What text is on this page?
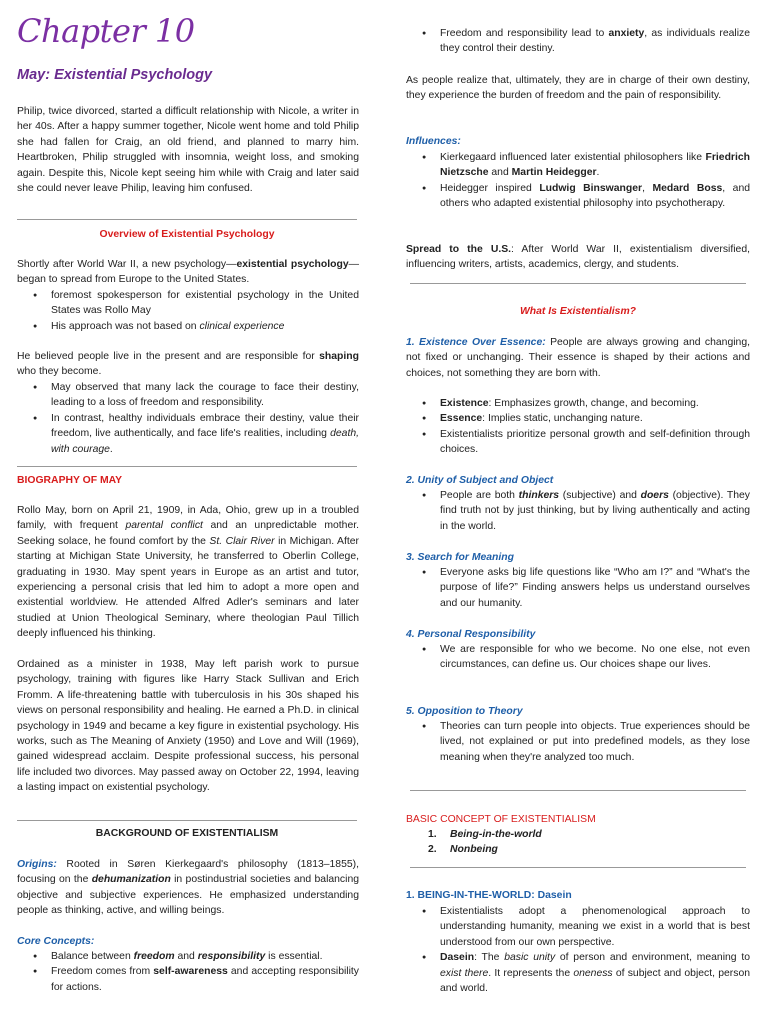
Chapter 10
May: Existential Psychology

Philip, twice divorced, started a difficult relationship with Nicole, a writer in her 40s. After a happy summer together, Nicole went home and told Philip she had fallen for Craig, an old friend, and planned to marry him. Heartbroken, Philip struggled with insomnia, weight loss, and smoking again. Despite this, Nicole kept seeing him while with Craig and later said she could never leave Philip, leaving him confused.

Overview of Existential Psychology

Shortly after World War II, a new psychology—existential psychology— began to spread from Europe to the United States.

● foremost spokesperson for existential psychology in the United States was Rollo May
● His approach was not based on clinical experience

He believed people live in the present and are responsible for shaping who they become.

● May observed that many lack the courage to face their destiny, leading to a loss of freedom and responsibility.
● In contrast, healthy individuals embrace their destiny, value their freedom, live authentically, and face life's realities, including death, with courage.
BIOGRAPHY OF MAY

Rollo May, born on April 21, 1909, in Ada, Ohio, grew up in a troubled family, with frequent parental conflict and an unpredictable mother. Seeking solace, he found comfort by the St. Clair River in Michigan. After starting at Michigan State University, he transferred to Oberlin College, graduating in 1930. May spent years in Europe as an artist and tutor, experiencing a personal crisis that led him to adopt a more open and existential worldview. He attended Alfred Adler's seminars and later studied at Union Theological Seminary, where theologian Paul Tillich deeply influenced his thinking.

Ordained as a minister in 1938, May left parish work to pursue psychology, training with figures like Harry Stack Sullivan and Erich Fromm. A life-threatening battle with tuberculosis in his 30s shaped his views on personal responsibility and healing. He earned a Ph.D. in clinical psychology in 1949 and became a key figure in existential psychology. His works, such as The Meaning of Anxiety (1950) and Love and Will (1969), gained widespread acclaim. Despite professional success, his personal life included two divorces. May passed away on October 22, 1994, leaving a lasting impact on existential psychology.

BACKGROUND OF EXISTENTIALISM

Origins: Rooted in Søren Kierkegaard's philosophy (1813–1855), focusing on the dehumanization in postindustrial societies and balancing objective and subjective experiences. He emphasized understanding people as thinking, active, and willing beings.

Core Concepts:
● Balance between freedom and responsibility is essential.
● Freedom comes from self-awareness and accepting responsibility for actions.
● Freedom and responsibility lead to anxiety, as individuals realize they control their destiny.

As people realize that, ultimately, they are in charge of their own destiny, they experience the burden of freedom and the pain of responsibility.

Influences:
● Kierkegaard influenced later existential philosophers like Friedrich Nietzsche and Martin Heidegger.
● Heidegger inspired Ludwig Binswanger, Medard Boss, and others who adapted existential philosophy into psychotherapy.

Spread to the U.S.: After World War II, existentialism diversified, influencing writers, artists, academics, clergy, and students.

What Is Existentialism?

1. Existence Over Essence: People are always growing and changing, not fixed or unchanging. Their essence is shaped by their actions and choices, not something they are born with.

● Existence: Emphasizes growth, change, and becoming.
● Essence: Implies static, unchanging nature.
● Existentialists prioritize personal growth and self-definition through choices.
2. Unity of Subject and Object
● People are both thinkers (subjective) and doers (objective). They find truth not by just thinking, but by living authentically and acting in the world.
3. Search for Meaning
● Everyone asks big life questions like “Who am I?” and “What's the purpose of life?” Finding answers helps us understand ourselves and our humanity.
4. Personal Responsibility
● We are responsible for who we become. No one else, not even circumstances, can define us. Our choices shape our lives.
5. Opposition to Theory
● Theories can turn people into objects. True experiences should be lived, not explained or put into predefined models, as they lose meaning when they're analyzed too much.
BASIC CONCEPT OF EXISTENTIALISM
1. Being-in-the-world
2. Nonbeing
1. BEING-IN-THE-WORLD: Dasein
● Existentialists adopt a phenomenological approach to understanding humanity, meaning we exist in a world that is best understood from our own perspective.
● Dasein: The basic unity of person and environment, meaning to exist there. It represents the oneness of subject and object, person and world.
